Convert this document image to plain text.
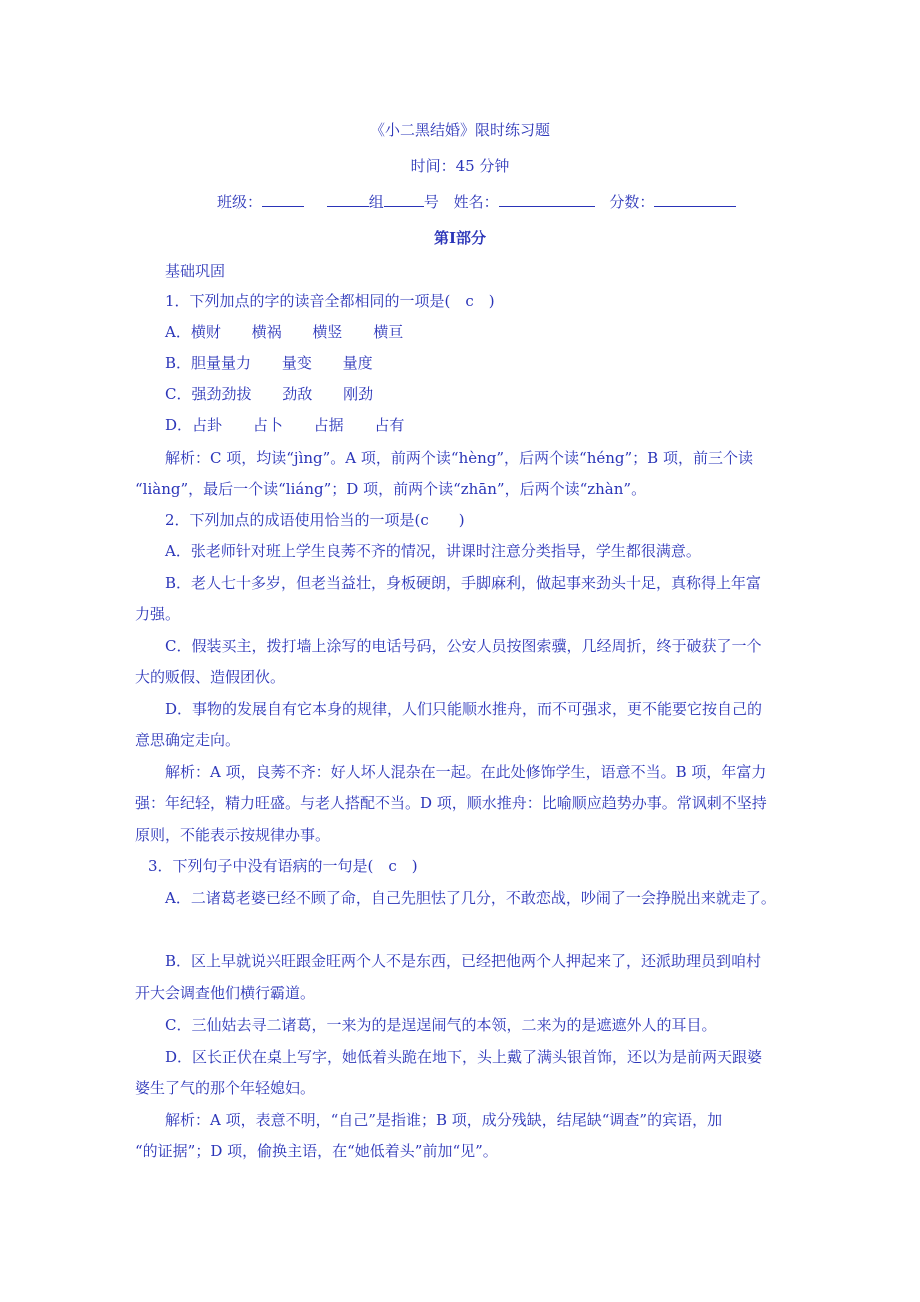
《小二黑结婚》限时练习题
时间：45 分钟
班级：	组	号 姓名：	分数：
第Ⅰ部分
基础巩固
1．下列加点的字的读音全都相同的一项是(　c　)
A．横财 横祸 横竖 横亘
B．胆量量力 量变 量度
C．强劲劲拔 劲敌 刚劲
D．占卦 占卜 占据 占有
解析：C 项，均读“jìng”。A 项，前两个读“hèng”，后两个读“héng”；B 项，前三个读
“liàng”，最后一个读“liáng”；D 项，前两个读“zhān”，后两个读“zhàn”。
2．下列加点的成语使用恰当的一项是(c　　)
A．张老师针对班上学生良莠不齐的情况，讲课时注意分类指导，学生都很满意。
B．老人七十多岁，但老当益壮，身板硬朗，手脚麻利，做起事来劲头十足，真称得上年富
力强。
C．假装买主，拨打墙上涂写的电话号码，公安人员按图索骥，几经周折，终于破获了一个
大的贩假、造假团伙。
D．事物的发展自有它本身的规律，人们只能顺水推舟，而不可强求，更不能要它按自己的
意思确定走向。
解析：A 项，良莠不齐：好人坏人混杂在一起。在此处修饰学生，语意不当。B 项，年富力
强：年纪轻，精力旺盛。与老人搭配不当。D 项，顺水推舟：比喻顺应趋势办事。常讽刺不坚持
原则，不能表示按规律办事。
3．下列句子中没有语病的一句是(　c　)
A．二诸葛老婆已经不顾了命，自己先胆怯了几分，不敢恋战，吵闹了一会挣脱出来就走了。
B．区上早就说兴旺跟金旺两个人不是东西，已经把他两个人押起来了，还派助理员到咱村
开大会调查他们横行霸道。
C．三仙姑去寻二诸葛，一来为的是逞逞闹气的本领，二来为的是遮遮外人的耳目。
D．区长正伏在桌上写字，她低着头跪在地下，头上戴了满头银首饰，还以为是前两天跟婆
婆生了气的那个年轻媳妇。
解析：A 项，表意不明，“自己”是指谁；B 项，成分残缺，结尾缺“调查”的宾语，加
“的证据”；D 项，偷换主语，在“她低着头”前加“见”。
